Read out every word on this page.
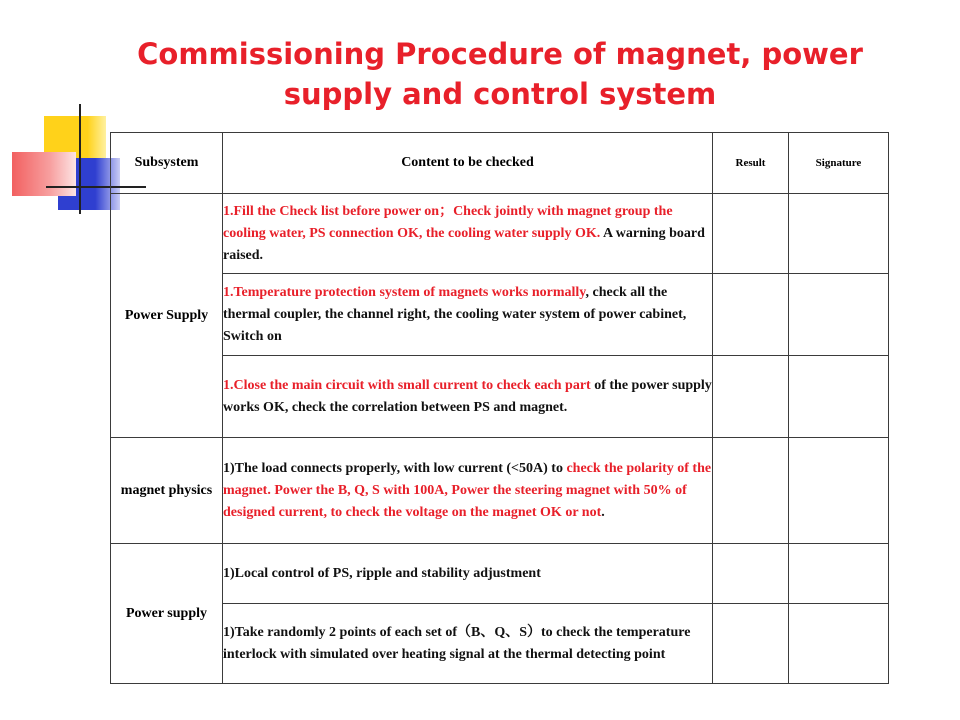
Commissioning Procedure of magnet, power supply and control system
Subsystem	Content to be checked	Result	Signature
Power Supply	1.Fill the Check list before power on；Check jointly with magnet group the cooling water, PS connection OK, the cooling water supply OK. A warning board raised.		
	1.Temperature protection system of magnets works normally, check all the thermal coupler, the channel right, the cooling water system of power cabinet, Switch on		
	1.Close the main circuit with small current to check each part of the power supply works OK, check the correlation between PS and magnet.		
magnet physics	1)The load connects properly, with low current (<50A) to check the polarity of the magnet. Power the B, Q, S with 100A, Power the steering magnet with 50% of designed current, to check the voltage on the magnet OK or not.		
Power supply	1)Local control of PS, ripple and stability adjustment		
	1)Take randomly 2 points of each set of（B、Q、S）to check the temperature interlock with simulated over heating signal at the thermal detecting point		
